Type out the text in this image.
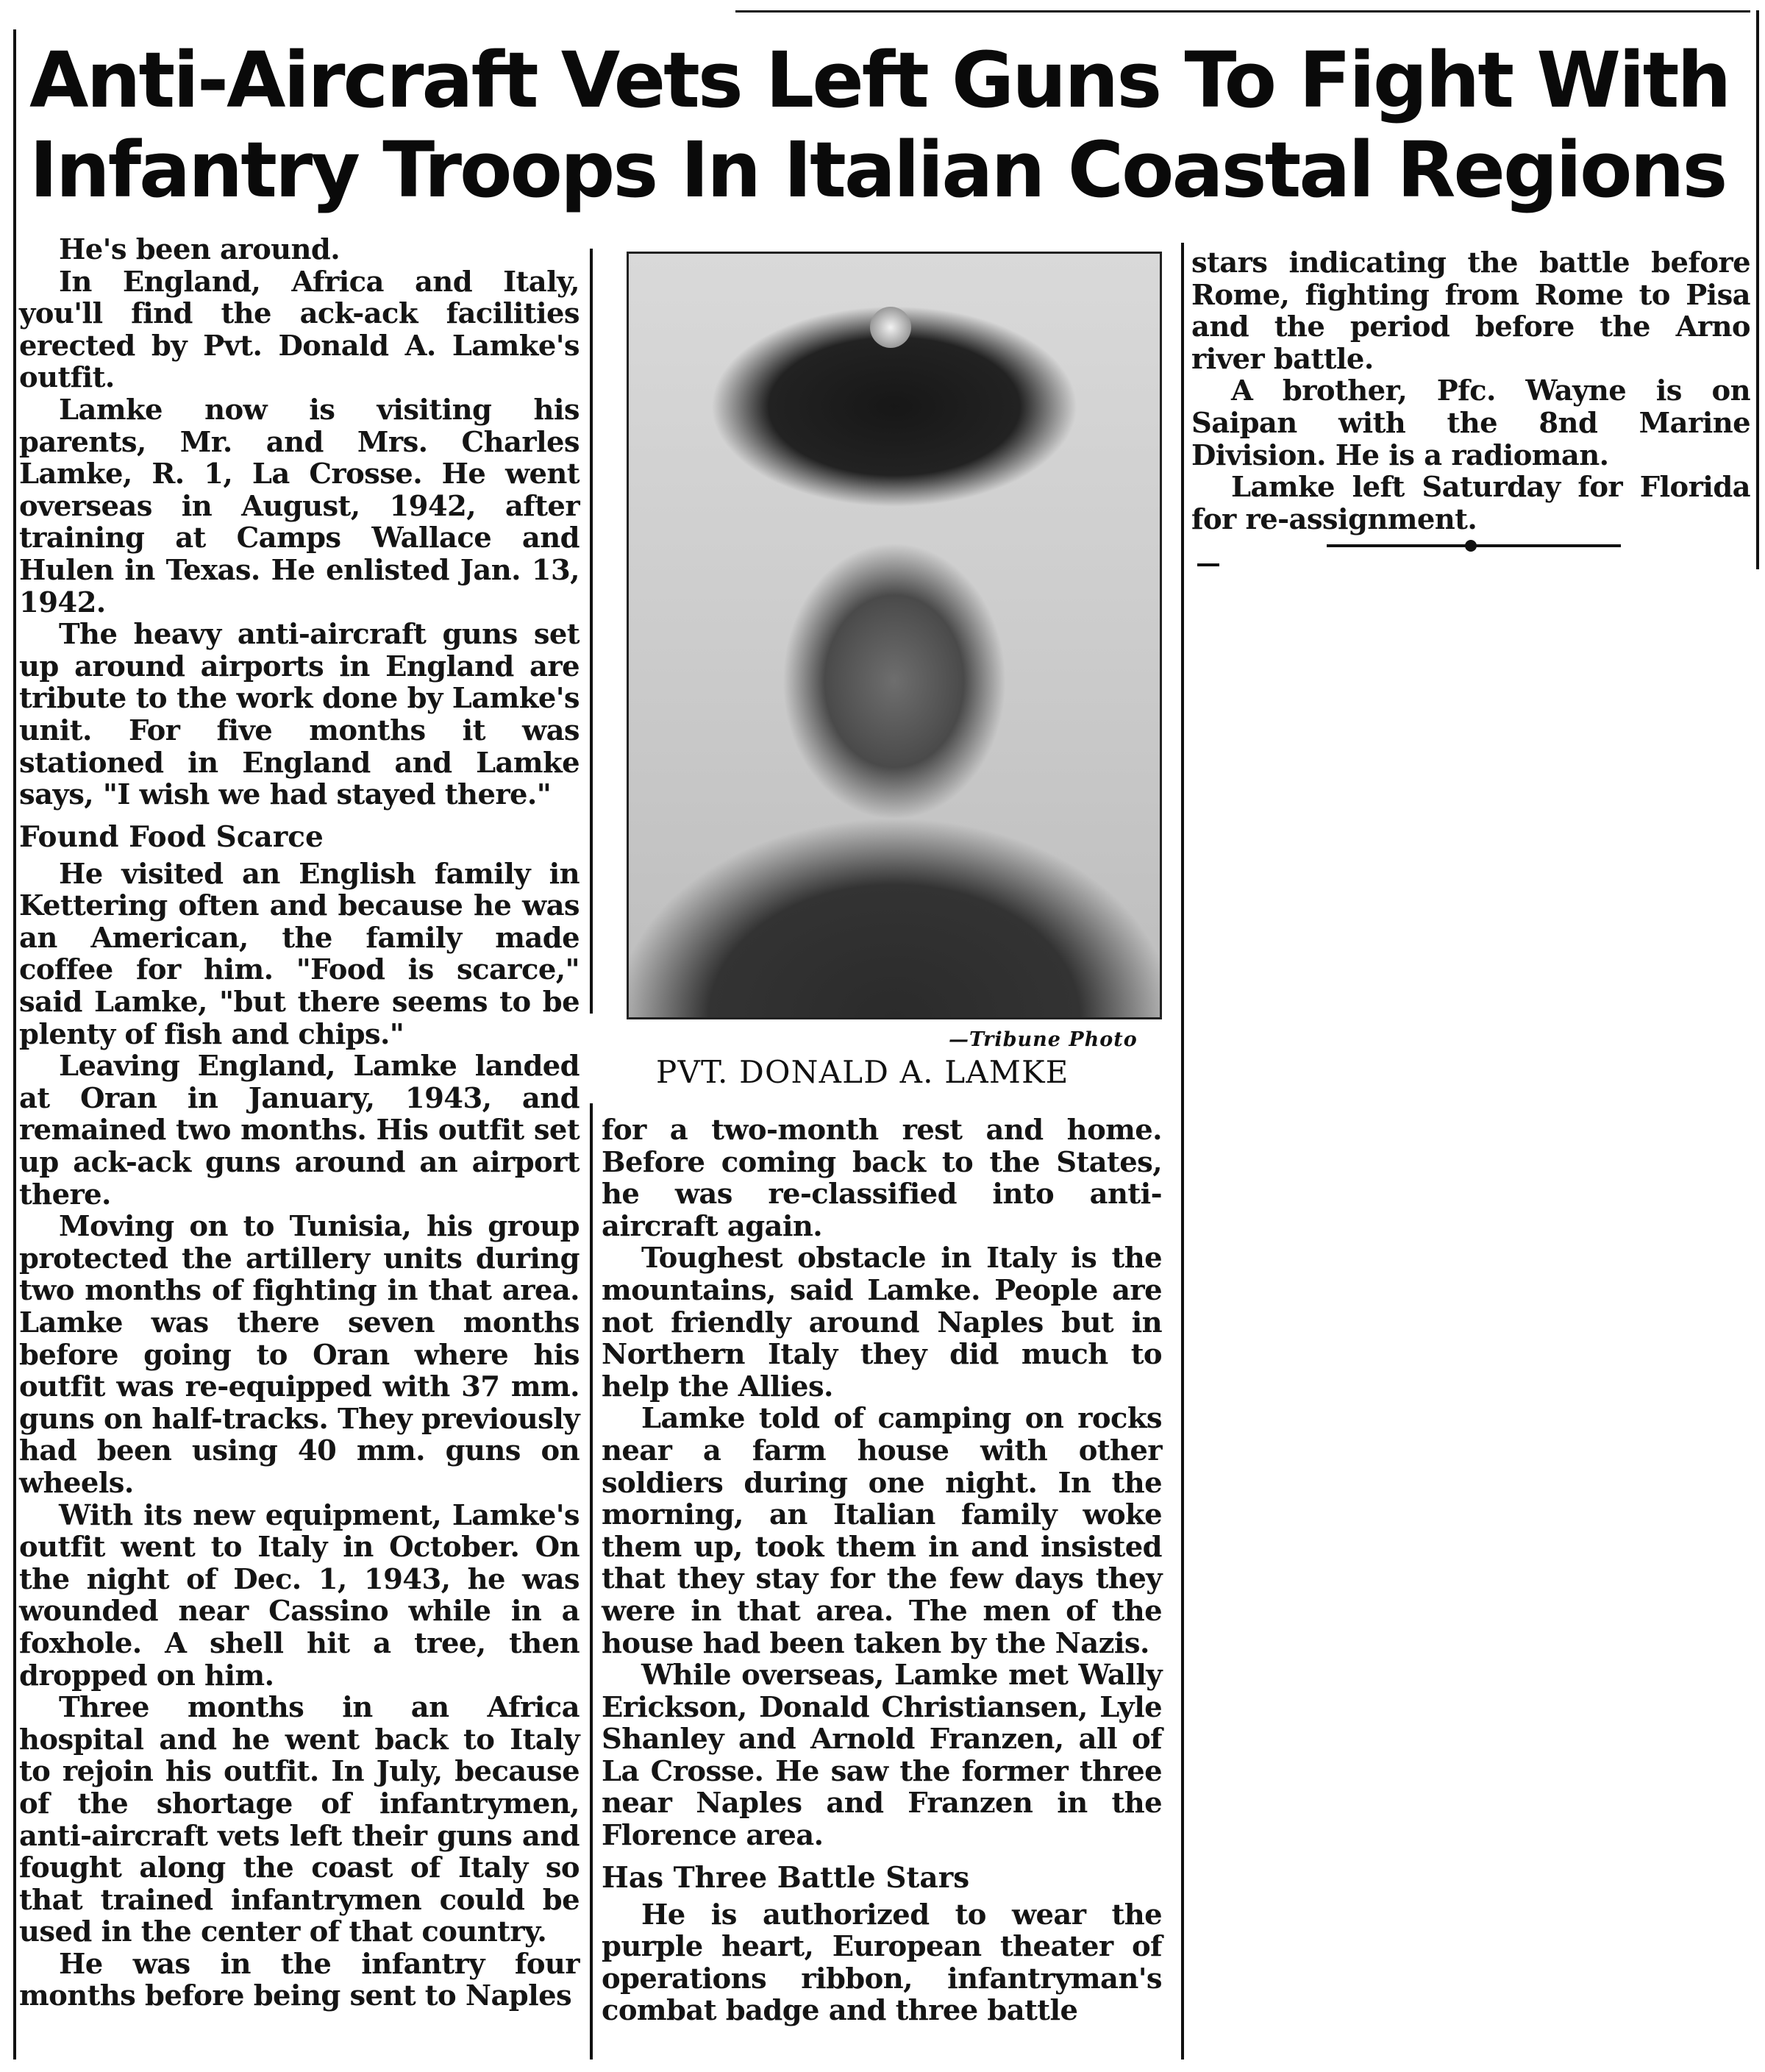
Anti-Aircraft Vets Left Guns To Fight With
Infantry Troops In Italian Coastal Regions

He's been around.

In England, Africa and Italy, you'll find the ack-ack facilities erected by Pvt. Donald A. Lamke's outfit.

Lamke now is visiting his parents, Mr. and Mrs. Charles Lamke, R. 1, La Crosse. He went overseas in August, 1942, after training at Camps Wallace and Hulen in Texas. He enlisted Jan. 13, 1942.

The heavy anti-aircraft guns set up around airports in England are tribute to the work done by Lamke's unit. For five months it was stationed in England and Lamke says, "I wish we had stayed there."

Found Food Scarce

He visited an English family in Kettering often and because he was an American, the family made coffee for him. "Food is scarce," said Lamke, "but there seems to be plenty of fish and chips."

Leaving England, Lamke landed at Oran in January, 1943, and remained two months. His outfit set up ack-ack guns around an airport there.

Moving on to Tunisia, his group protected the artillery units during two months of fighting in that area. Lamke was there seven months before going to Oran where his outfit was re-equipped with 37 mm. guns on half-tracks. They previously had been using 40 mm. guns on wheels.

With its new equipment, Lamke's outfit went to Italy in October. On the night of Dec. 1, 1943, he was wounded near Cassino while in a foxhole. A shell hit a tree, then dropped on him.

Three months in an Africa hospital and he went back to Italy to rejoin his outfit. In July, because of the shortage of infantrymen, anti-aircraft vets left their guns and fought along the coast of Italy so that trained infantrymen could be used in the center of that country.

He was in the infantry four months before being sent to Naples

—Tribune Photo
PVT. DONALD A. LAMKE

for a two-month rest and home. Before coming back to the States, he was re-classified into anti-aircraft again.

Toughest obstacle in Italy is the mountains, said Lamke. People are not friendly around Naples but in Northern Italy they did much to help the Allies.

Lamke told of camping on rocks near a farm house with other soldiers during one night. In the morning, an Italian family woke them up, took them in and insisted that they stay for the few days they were in that area. The men of the house had been taken by the Nazis.

While overseas, Lamke met Wally Erickson, Donald Christiansen, Lyle Shanley and Arnold Franzen, all of La Crosse. He saw the former three near Naples and Franzen in the Florence area.

Has Three Battle Stars

He is authorized to wear the purple heart, European theater of operations ribbon, infantryman's combat badge and three battle

stars indicating the battle before Rome, fighting from Rome to Pisa and the period before the Arno river battle.

A brother, Pfc. Wayne is on Saipan with the 8nd Marine Division. He is a radioman.

Lamke left Saturday for Florida for re-assignment.
